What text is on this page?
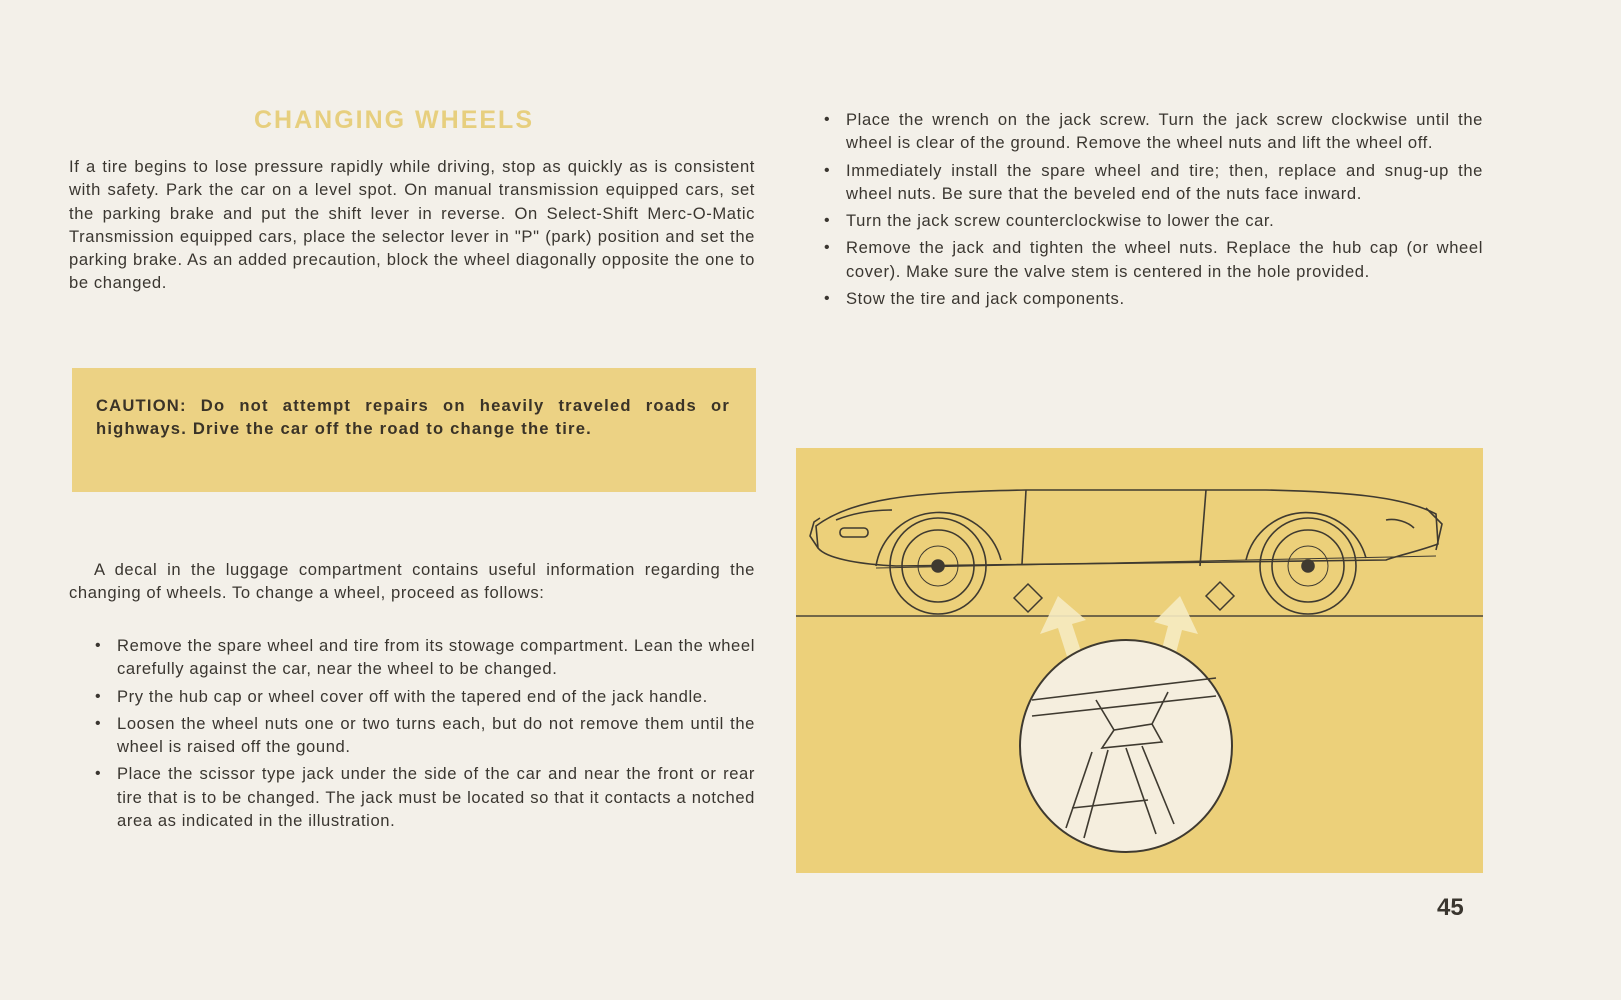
CHANGING WHEELS

If a tire begins to lose pressure rapidly while driving, stop as quickly as is consistent with safety. Park the car on a level spot. On manual transmission equipped cars, set the parking brake and put the shift lever in reverse. On Select-Shift Merc-O-Matic Transmission equipped cars, place the selector lever in "P" (park) position and set the parking brake. As an added precaution, block the wheel diagonally opposite the one to be changed.

CAUTION: Do not attempt repairs on heavily traveled roads or highways. Drive the car off the road to change the tire.

A decal in the luggage compartment contains useful information regarding the changing of wheels. To change a wheel, proceed as follows:

• Remove the spare wheel and tire from its stowage compartment. Lean the wheel carefully against the car, near the wheel to be changed.
• Pry the hub cap or wheel cover off with the tapered end of the jack handle.
• Loosen the wheel nuts one or two turns each, but do not remove them until the wheel is raised off the gound.
• Place the scissor type jack under the side of the car and near the front or rear tire that is to be changed. The jack must be located so that it contacts a notched area as indicated in the illustration.
• Place the wrench on the jack screw. Turn the jack screw clockwise until the wheel is clear of the ground. Remove the wheel nuts and lift the wheel off.
• Immediately install the spare wheel and tire; then, replace and snug-up the wheel nuts. Be sure that the beveled end of the nuts face inward.
• Turn the jack screw counterclockwise to lower the car.
• Remove the jack and tighten the wheel nuts. Replace the hub cap (or wheel cover). Make sure the valve stem is centered in the hole provided.
• Stow the tire and jack components.
45
